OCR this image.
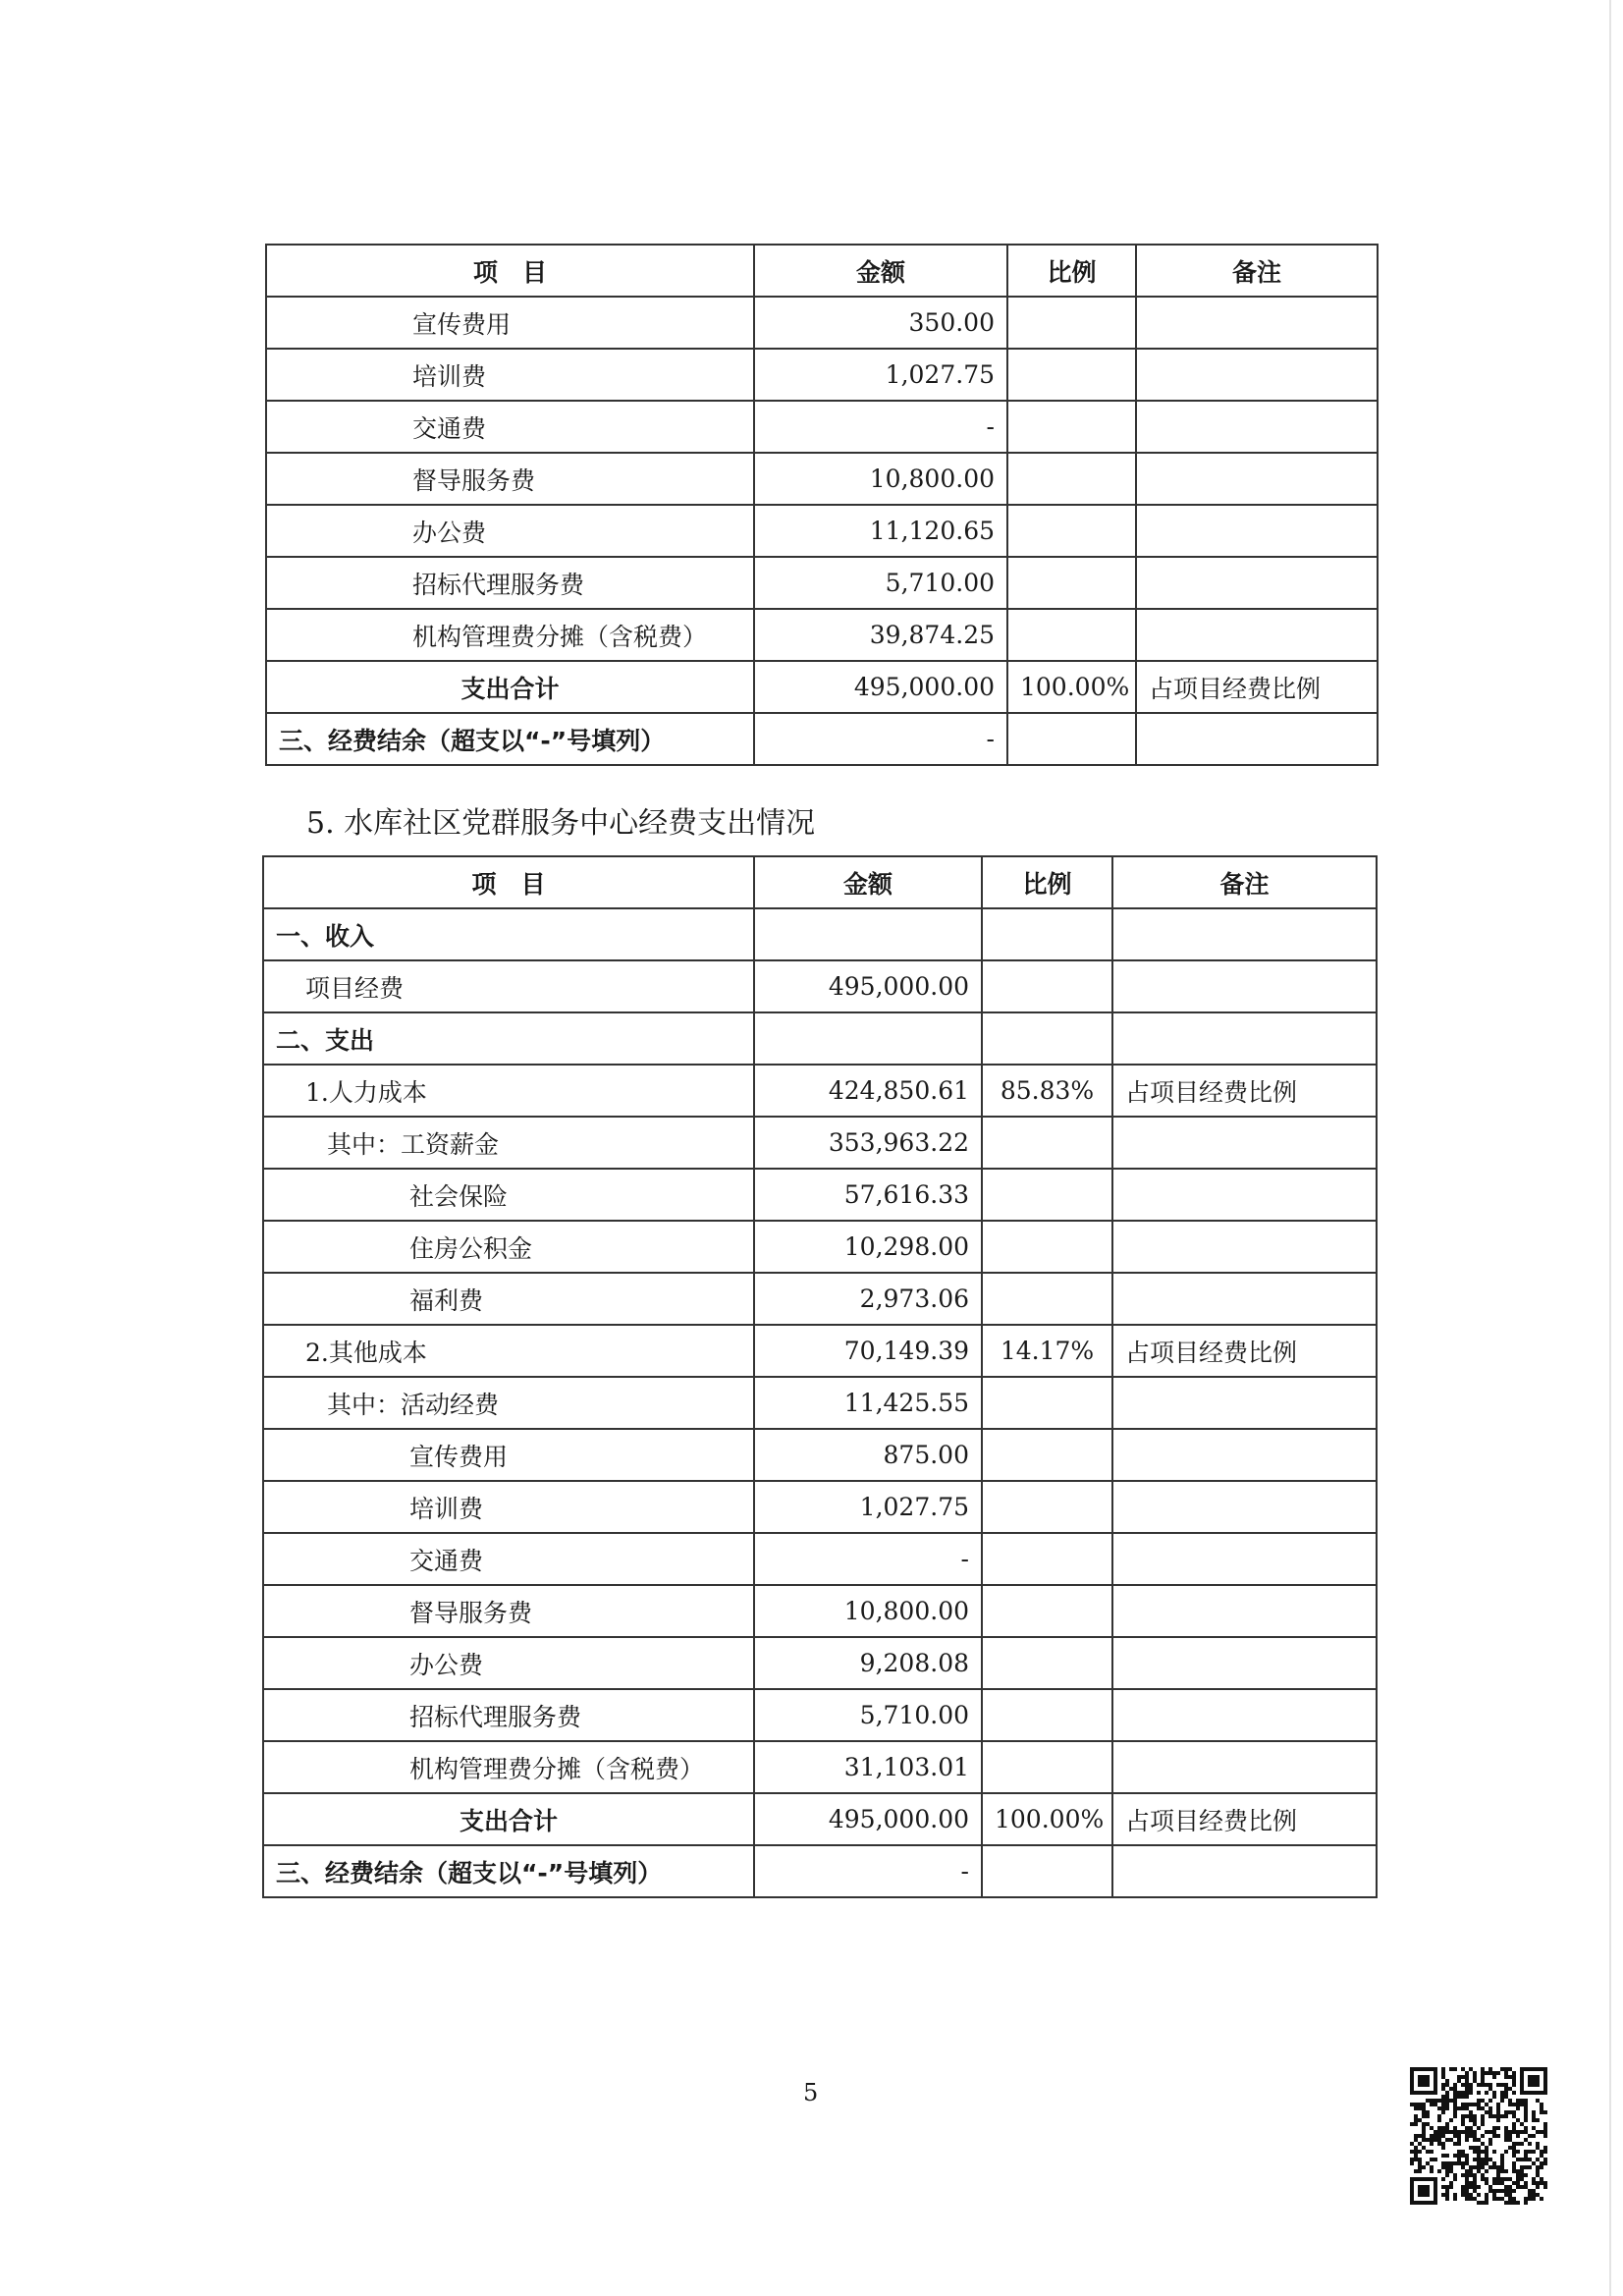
项　目	金额	比例	备注
宣传费用	350.00		
培训费	1,027.75		
交通费	-		
督导服务费	10,800.00		
办公费	11,120.65		
招标代理服务费	5,710.00		
机构管理费分摊（含税费）	39,874.25		
支出合计	495,000.00	100.00%	占项目经费比例
三、经费结余（超支以“-”号填列）	-		
5. 水库社区党群服务中心经费支出情况
项　目	金额	比例	备注
一、收入			
项目经费	495,000.00		
二、支出			
1.人力成本	424,850.61	85.83%	占项目经费比例
其中：工资薪金	353,963.22		
社会保险	57,616.33		
住房公积金	10,298.00		
福利费	2,973.06		
2.其他成本	70,149.39	14.17%	占项目经费比例
其中：活动经费	11,425.55		
宣传费用	875.00		
培训费	1,027.75		
交通费	-		
督导服务费	10,800.00		
办公费	9,208.08		
招标代理服务费	5,710.00		
机构管理费分摊（含税费）	31,103.01		
支出合计	495,000.00	100.00%	占项目经费比例
三、经费结余（超支以“-”号填列）	-		
5
